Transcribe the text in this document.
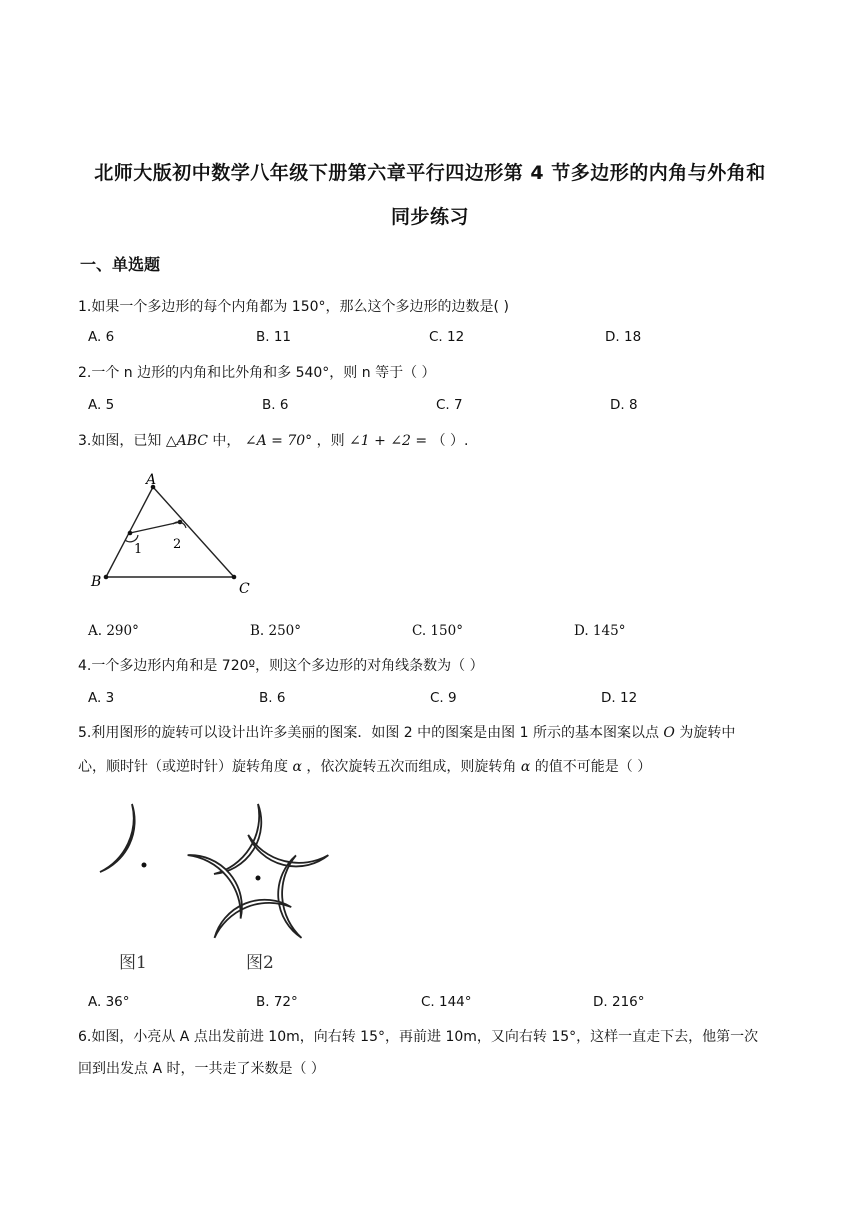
北师大版初中数学八年级下册第六章平行四边形第 4 节多边形的内角与外角和
同步练习
一、单选题
1.如果一个多边形的每个内角都为 150°，那么这个多边形的边数是( )
A. 6	B. 11	C. 12	D. 18
2.一个 n 边形的内角和比外角和多 540°，则 n 等于（ ）
A. 5	B. 6	C. 7	D. 8
3.如图，已知 △ABC 中， ∠A = 70° ，则 ∠1 + ∠2 = （ ）.
A
B	C
1 2
A. 290°	B. 250°	C. 150°	D. 145°
4.一个多边形内角和是 720º，则这个多边形的对角线条数为（ ）
A. 3	B. 6	C. 9	D. 12
5.利用图形的旋转可以设计出许多美丽的图案．如图 2 中的图案是由图 1 所示的基本图案以点 O 为旋转中
心，顺时针（或逆时针）旋转角度 α ，依次旋转五次而组成，则旋转角 α 的值不可能是（ ）
图1	图2
A. 36°	B. 72°	C. 144°	D. 216°
6.如图，小亮从 A 点出发前进 10m，向右转 15°，再前进 10m，又向右转 15°，这样一直走下去，他第一次
回到出发点 A 时，一共走了米数是（ ）
